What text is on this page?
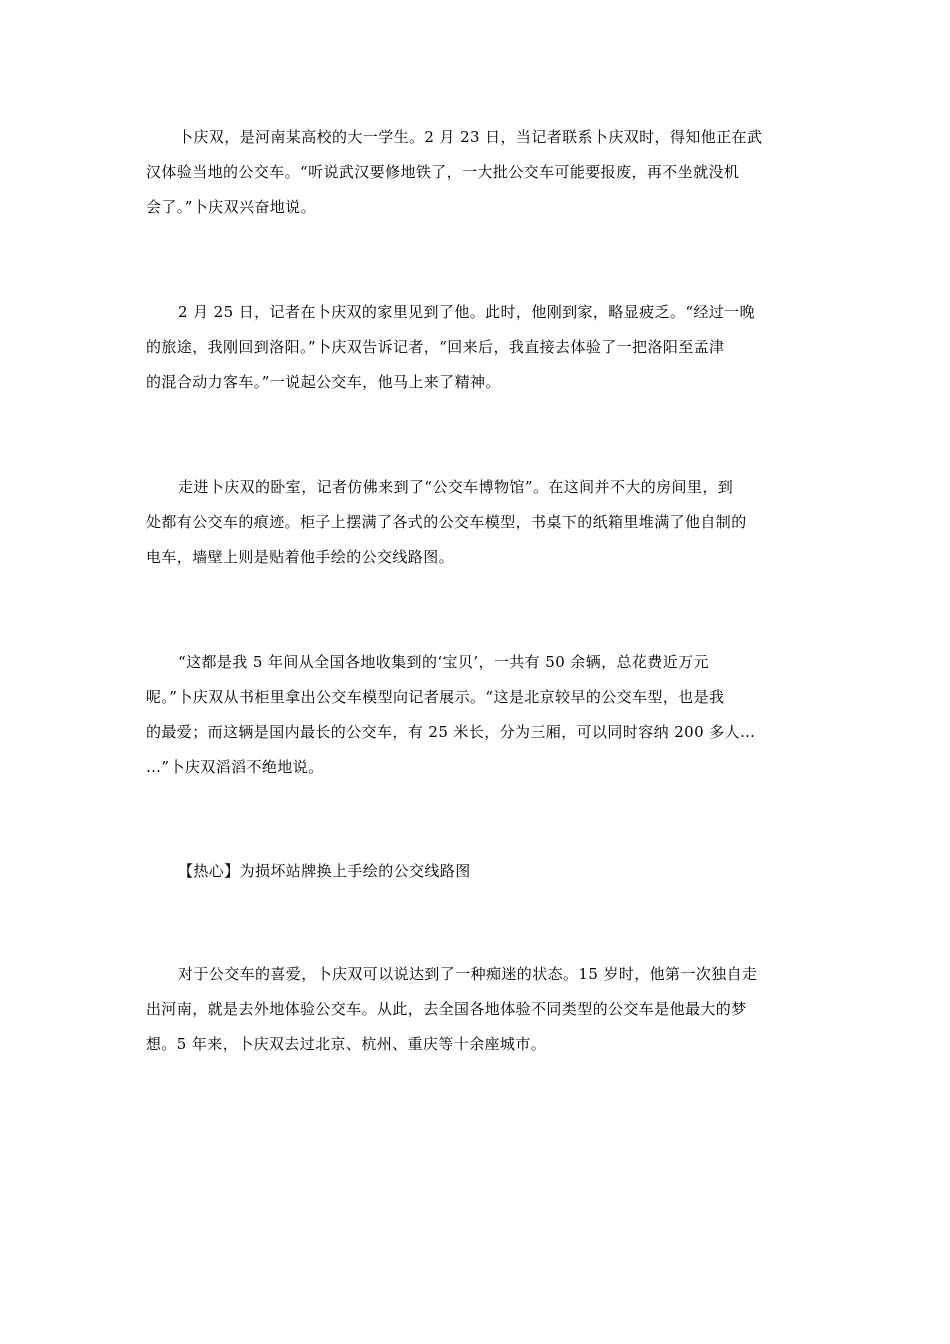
卜庆双，是河南某高校的大一学生。2 月 23 日，当记者联系卜庆双时，得知他正在武
汉体验当地的公交车。“听说武汉要修地铁了，一大批公交车可能要报废，再不坐就没机
会了。”卜庆双兴奋地说。
2 月 25 日，记者在卜庆双的家里见到了他。此时，他刚到家，略显疲乏。“经过一晚
的旅途，我刚回到洛阳。”卜庆双告诉记者，“回来后，我直接去体验了一把洛阳至孟津
的混合动力客车。”一说起公交车，他马上来了精神。
走进卜庆双的卧室，记者仿佛来到了“公交车博物馆”。在这间并不大的房间里，到
处都有公交车的痕迹。柜子上摆满了各式的公交车模型，书桌下的纸箱里堆满了他自制的
电车，墙壁上则是贴着他手绘的公交线路图。
“这都是我 5 年间从全国各地收集到的‘宝贝’，一共有 50 余辆，总花费近万元
呢。”卜庆双从书柜里拿出公交车模型向记者展示。“这是北京较早的公交车型，也是我
的最爱；而这辆是国内最长的公交车，有 25 米长，分为三厢，可以同时容纳 200 多人…
…”卜庆双滔滔不绝地说。
【热心】为损坏站牌换上手绘的公交线路图
对于公交车的喜爱，卜庆双可以说达到了一种痴迷的状态。15 岁时，他第一次独自走
出河南，就是去外地体验公交车。从此，去全国各地体验不同类型的公交车是他最大的梦
想。5 年来，卜庆双去过北京、杭州、重庆等十余座城市。
